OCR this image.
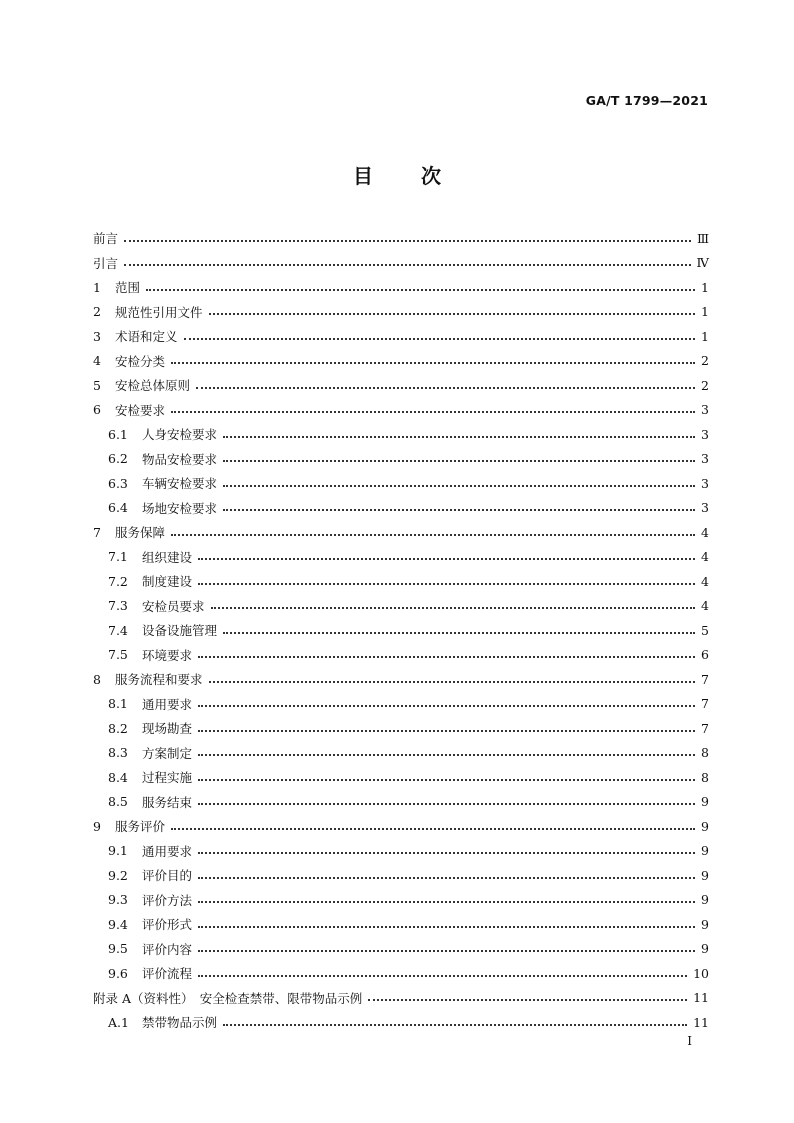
GA/T 1799—2021
目 次
前言	Ⅲ
引言	Ⅳ
1	范围	1
2	规范性引用文件	1
3	术语和定义	1
4	安检分类	2
5	安检总体原则	2
6	安检要求	3
6.1	人身安检要求	3
6.2	物品安检要求	3
6.3	车辆安检要求	3
6.4	场地安检要求	3
7	服务保障	4
7.1	组织建设	4
7.2	制度建设	4
7.3	安检员要求	4
7.4	设备设施管理	5
7.5	环境要求	6
8	服务流程和要求	7
8.1	通用要求	7
8.2	现场勘查	7
8.3	方案制定	8
8.4	过程实施	8
8.5	服务结束	9
9	服务评价	9
9.1	通用要求	9
9.2	评价目的	9
9.3	评价方法	9
9.4	评价形式	9
9.5	评价内容	9
9.6	评价流程	10
附录 A（资料性）　安全检查禁带、限带物品示例	11
A.1	禁带物品示例	11
I
